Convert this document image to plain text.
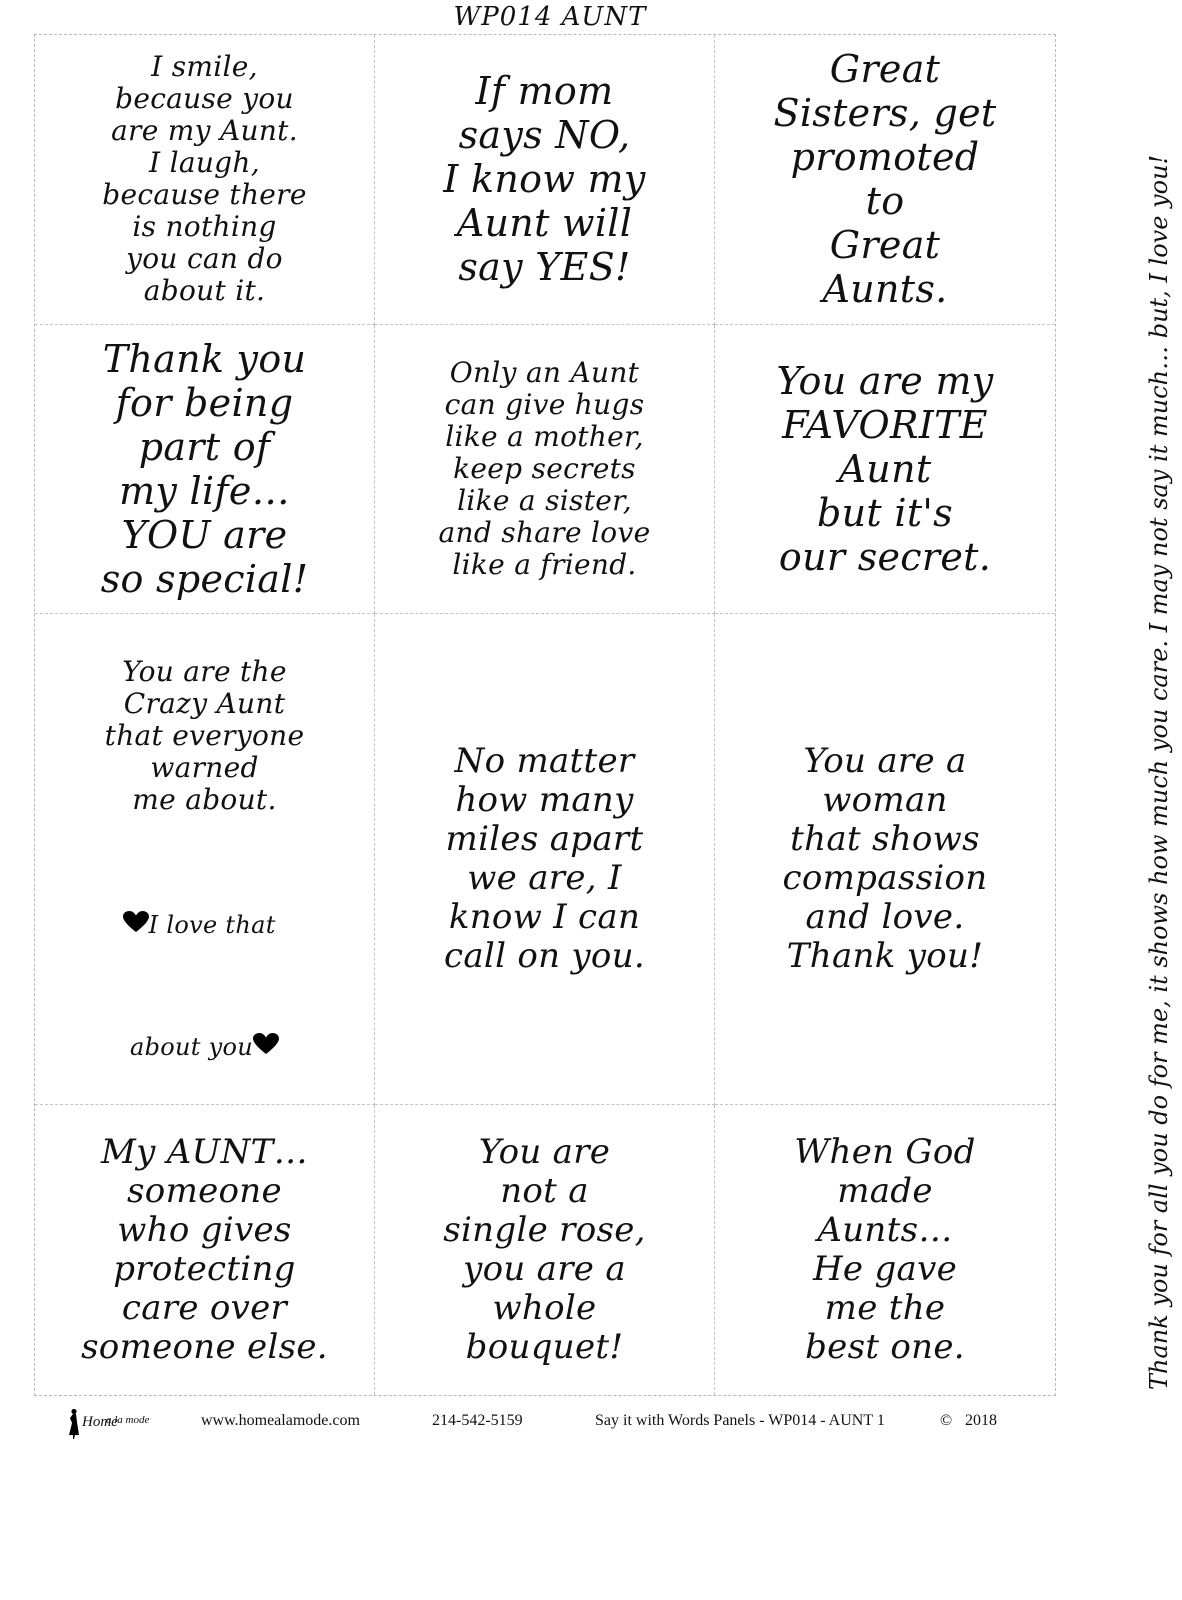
WP014 AUNT
I smile,
because you
are my Aunt.
I laugh,
because there
is nothing
you can do
about it.
If mom
says NO,
I know my
Aunt will
say YES!
Great
Sisters, get
promoted
to
Great
Aunts.
Thank you
for being
part of
my life…
YOU are
so special!
Only an Aunt
can give hugs
like a mother,
keep secrets
like a sister,
and share love
like a friend.
You are my
FAVORITE
Aunt
but it's
our secret.

You are the
Crazy Aunt
that everyone
warned
me about.

I love that

about you

No matter
how many
miles apart
we are, I
know I can
call on you.
You are a
woman
that shows
compassion
and love.
Thank you!
My AUNT…
someone
who gives
protecting
care over
someone else.
You are
not a
single rose,
you are a
whole
bouquet!
When God
made
Aunts…
He gave
me the
best one.	Thank you for all you do for me, it shows how much you care. I may not say it much… but, I love you!
Home
a la mode	www.homealamode.com	214-542-5159	Say it with Words Panels - WP014 - AUNT 1	© 2018
